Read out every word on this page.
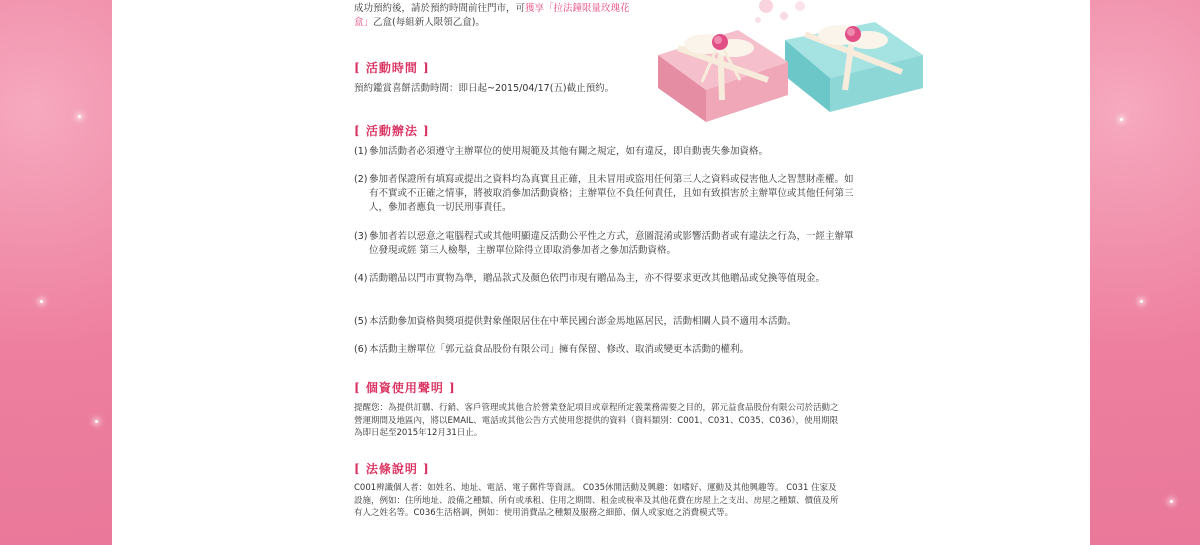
成功預約後，請於預約時間前往門市，可獲享「拉法鐘限量玫瑰花
盒」乙盒(每組新人限領乙盒)。
[ 活動時間 ]
預約鑑賞喜餅活動時間：即日起~2015/04/17(五)截止預約。
[ 活動辦法 ]
(1) 參加活動者必須遵守主辦單位的使用規範及其他有關之規定，如有違反，即自動喪失參加資格。
(2) 參加者保證所有填寫或提出之資料均為真實且正確，且未冒用或盜用任何第三人之資料或侵害他人之智慧財產權。如有不實或不正確之情事，將被取消參加活動資格；主辦單位不負任何責任，且如有致損害於主辦單位或其他任何第三人，參加者應負一切民刑事責任。
(3) 參加者若以惡意之電腦程式或其他明顯違反活動公平性之方式，意圖混淆或影響活動者或有違法之行為，一經主辦單位發現或經 第三人檢舉，主辦單位除得立即取消參加者之參加活動資格。
(4) 活動贈品以門市實物為準，贈品款式及顏色依門市現有贈品為主，亦不得要求更改其他贈品或兌換等值現金。
(5) 本活動參加資格與獎項提供對象僅限居住在中華民國台澎金馬地區居民，活動相關人員不適用本活動。
(6) 本活動主辦單位「郭元益食品股份有限公司」擁有保留、修改、取消或變更本活動的權利。
[ 個資使用聲明 ]
提醒您：為提供訂購、行銷、客戶管理或其他合於營業登記項目或章程所定義業務需要之目的，郭元益食品股份有限公司於活動之營運期間及地區內，將以EMAIL、電話或其他公告方式使用您提供的資料（資料類別：C001、C031、C035、C036），使用期限為即日起至2015年12月31日止。
[ 法條說明 ]
C001辨識個人者：如姓名、地址、電話、電子郵件等資訊。 C035休閒活動及興趣：如嗜好、運動及其他興趣等。 C031 住家及設施，例如：住所地址、設備之種類、所有或承租、住用之期間、租金或稅率及其他花費在房屋上之支出、房屋之種類、價值及所有人之姓名等。C036生活格調，例如：使用消費品之種類及服務之細節、個人或家庭之消費模式等。
